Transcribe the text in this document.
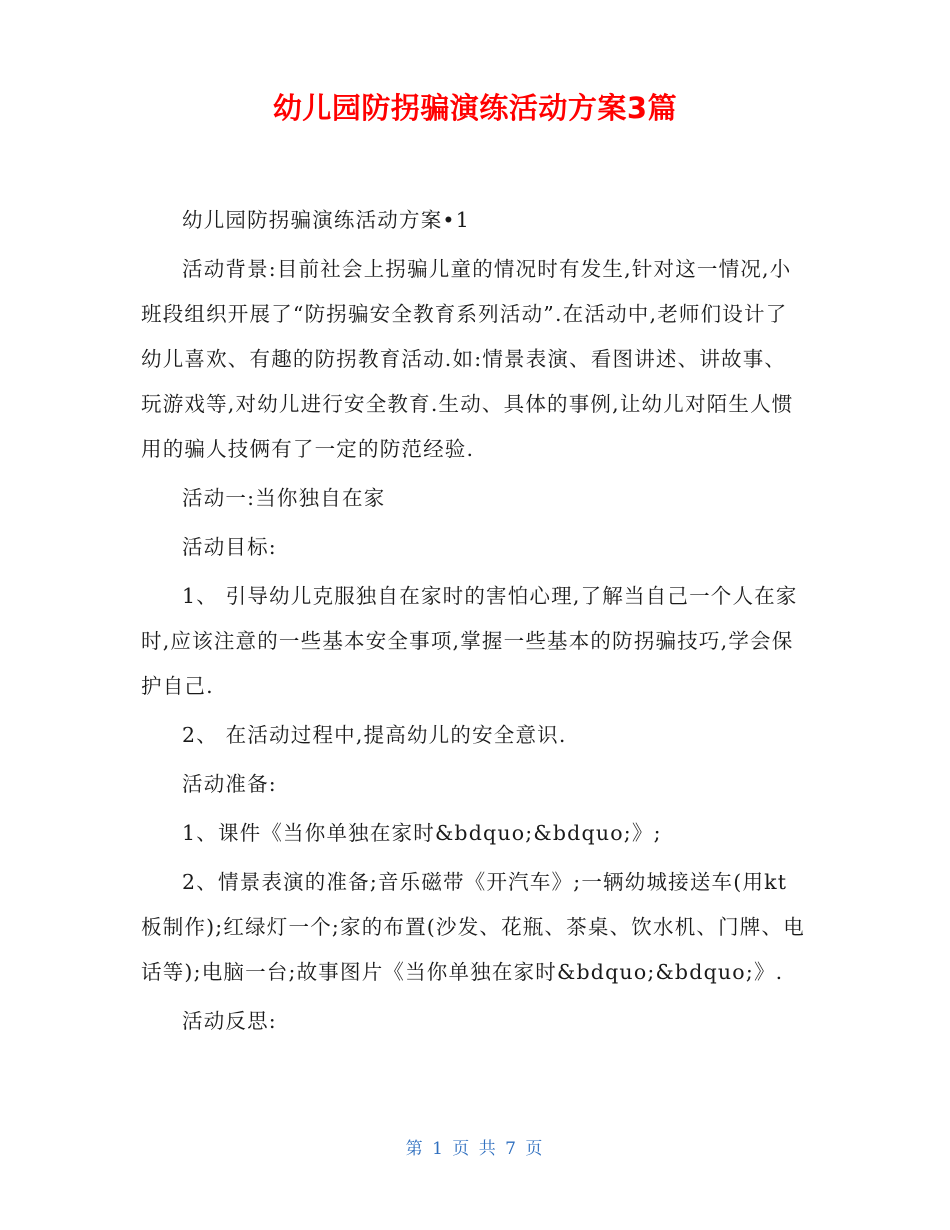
幼儿园防拐骗演练活动方案3篇

幼儿园防拐骗演练活动方案•1

活动背景:目前社会上拐骗儿童的情况时有发生,针对这一情况,小班段组织开展了“防拐骗安全教育系列活动”.在活动中,老师们设计了幼儿喜欢、有趣的防拐教育活动.如:情景表演、看图讲述、讲故事、玩游戏等,对幼儿进行安全教育.生动、具体的事例,让幼儿对陌生人惯用的骗人技俩有了一定的防范经验.

活动一:当你独自在家

活动目标:

1、 引导幼儿克服独自在家时的害怕心理,了解当自己一个人在家时,应该注意的一些基本安全事项,掌握一些基本的防拐骗技巧,学会保护自己.

2、 在活动过程中,提高幼儿的安全意识.

活动准备:

1、课件《当你单独在家时&bdquo;&bdquo;》;

2、情景表演的准备;音乐磁带《开汽车》;一辆幼城接送车(用kt板制作);红绿灯一个;家的布置(沙发、花瓶、茶桌、饮水机、门牌、电话等);电脑一台;故事图片《当你单独在家时&bdquo;&bdquo;》.

活动反思:

第 1 页 共 7 页
